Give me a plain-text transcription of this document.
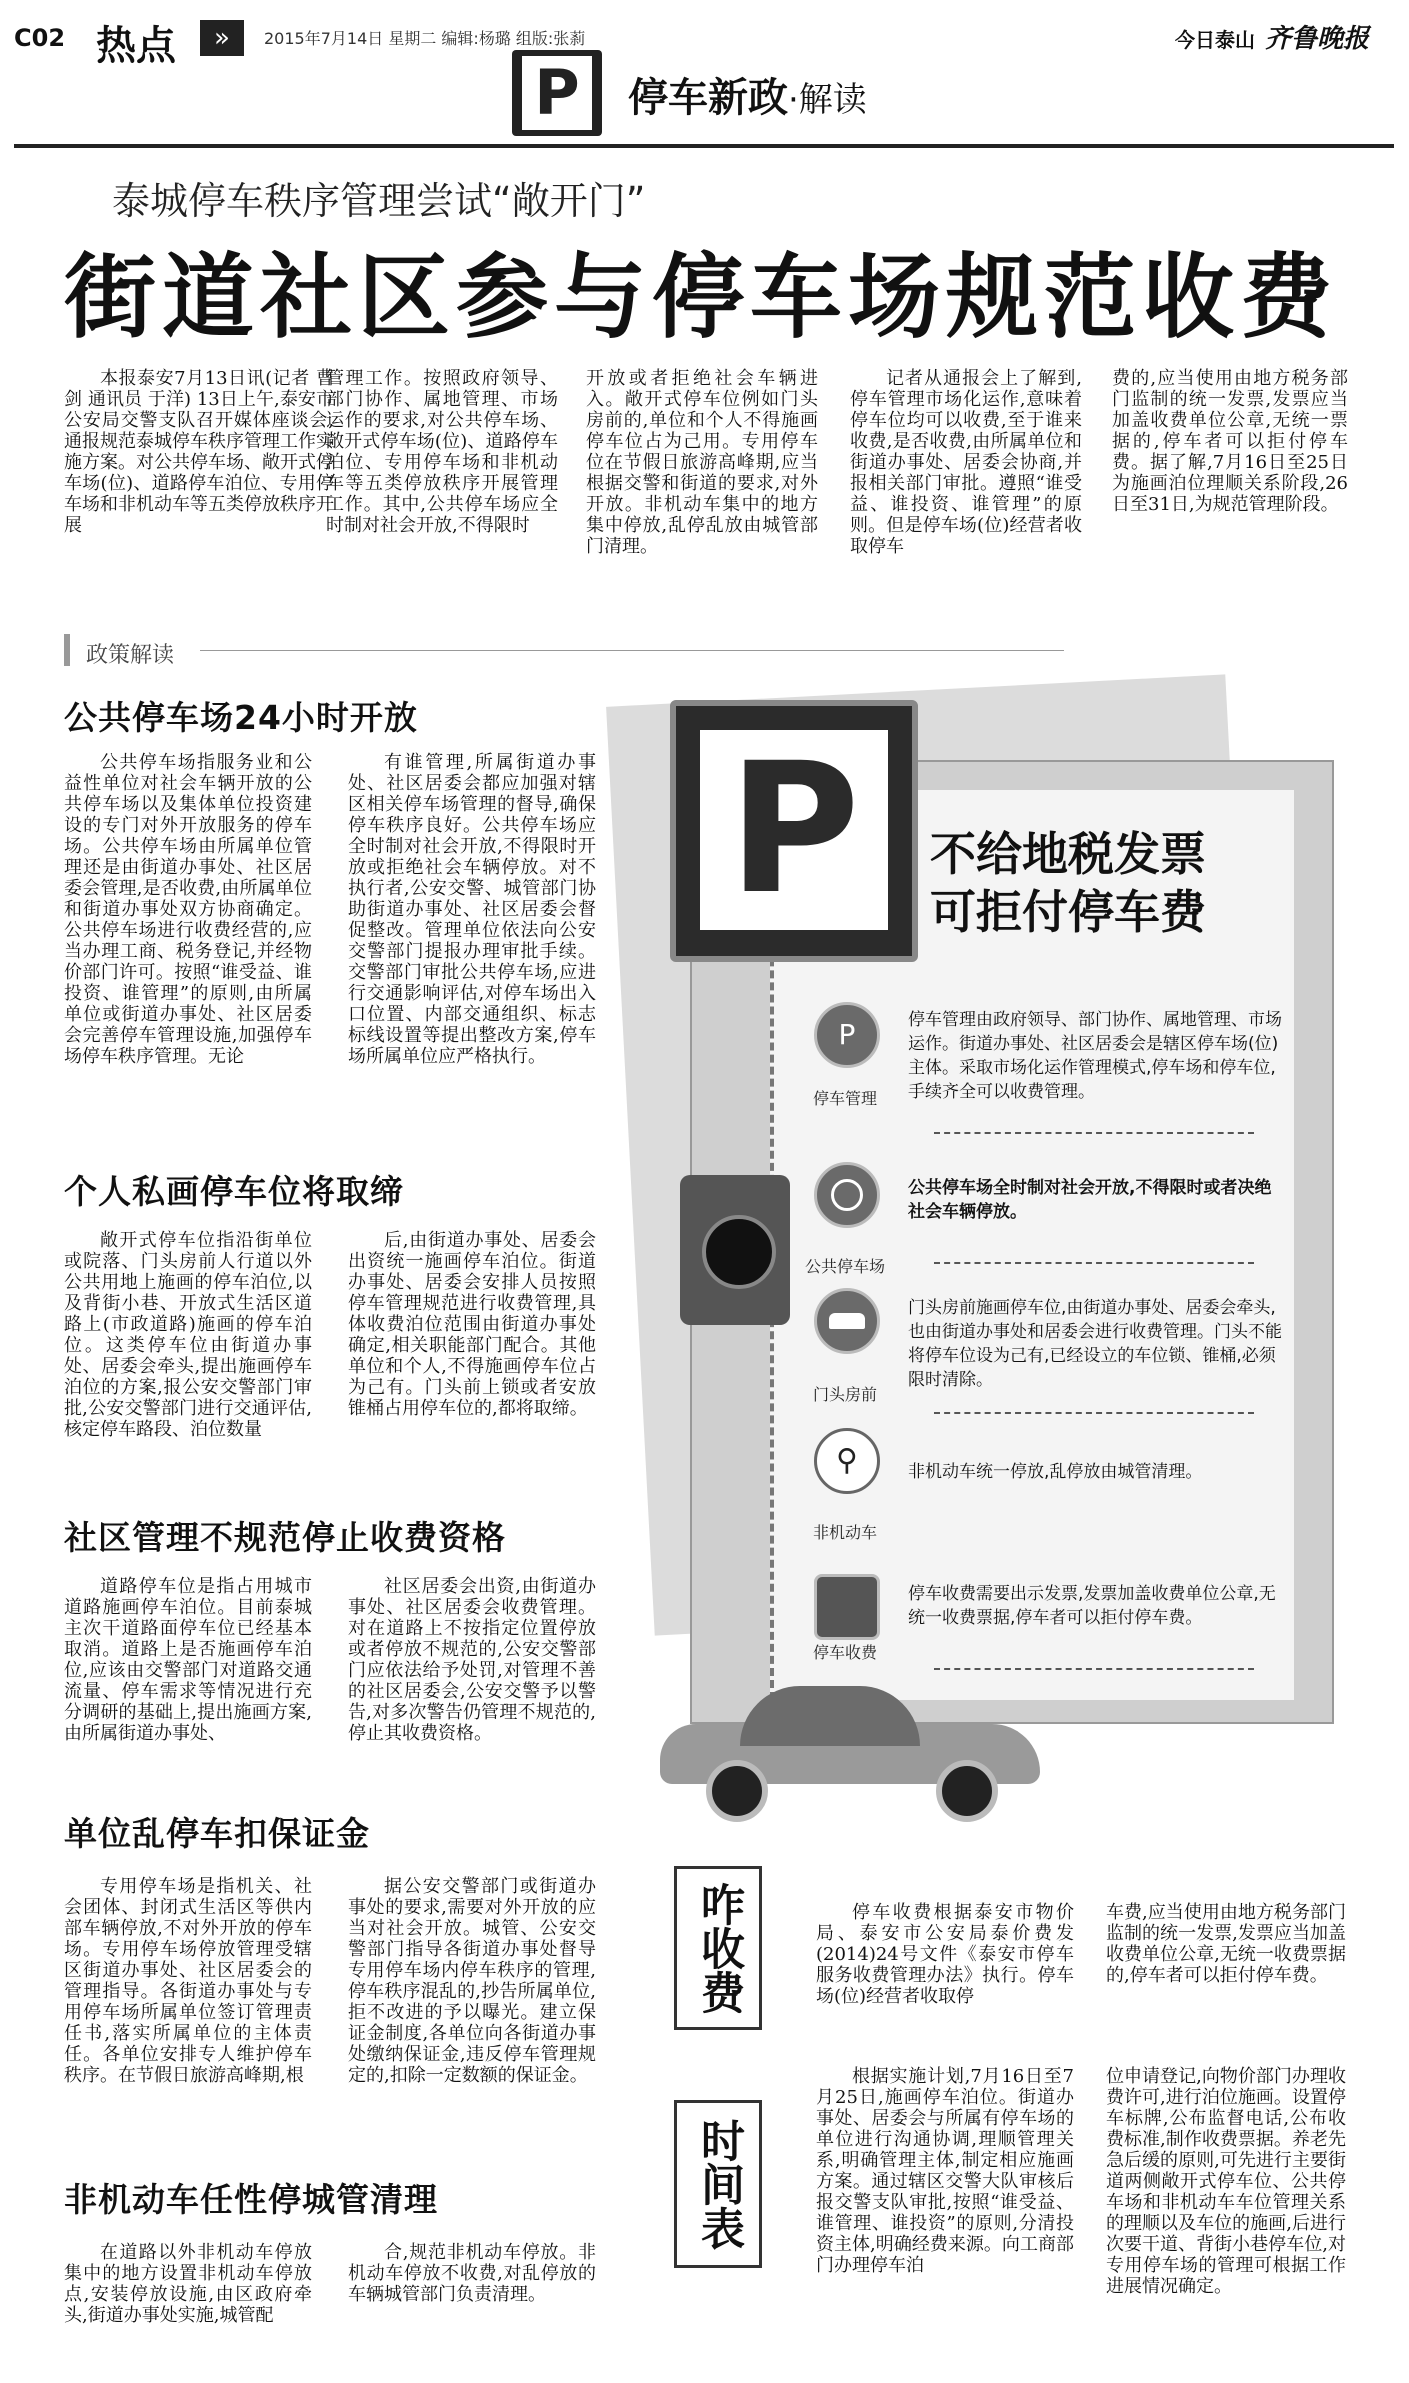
C02 热点	»	2015年7月14日 星期二 编辑:杨璐 组版:张䓭	今日泰山 齐鲁晚报
P	停车新政·解读
泰城停车秩序管理尝试“敞开门”
街道社区参与停车场规范收费

本报泰安7月13日讯(记者 曹剑 通讯员 于洋) 13日上午,泰安市公安局交警支队召开媒体座谈会,通报规范泰城停车秩序管理工作实施方案。对公共停车场、敞开式停车场(位)、道路停车泊位、专用停车场和非机动车等五类停放秩序开展

管理工作。按照政府领导、部门协作、属地管理、市场运作的要求,对公共停车场、敞开式停车场(位)、道路停车泊位、专用停车场和非机动车等五类停放秩序开展管理工作。其中,公共停车场应全时制对社会开放,不得限时

开放或者拒绝社会车辆进入。敞开式停车位例如门头房前的,单位和个人不得施画停车位占为己用。专用停车位在节假日旅游高峰期,应当根据交警和街道的要求,对外开放。非机动车集中的地方集中停放,乱停乱放由城管部门清理。

记者从通报会上了解到,停车管理市场化运作,意味着停车位均可以收费,至于谁来收费,是否收费,由所属单位和街道办事处、居委会协商,并报相关部门审批。遵照“谁受益、谁投资、谁管理”的原则。但是停车场(位)经营者收取停车

费的,应当使用由地方税务部门监制的统一发票,发票应当加盖收费单位公章,无统一票据的,停车者可以拒付停车费。据了解,7月16日至25日为施画泊位理顺关系阶段,26日至31日,为规范管理阶段。

政策解读
公共停车场24小时开放

公共停车场指服务业和公益性单位对社会车辆开放的公共停车场以及集体单位投资建设的专门对外开放服务的停车场。公共停车场由所属单位管理还是由街道办事处、社区居委会管理,是否收费,由所属单位和街道办事处双方协商确定。公共停车场进行收费经营的,应当办理工商、税务登记,并经物价部门许可。按照“谁受益、谁投资、谁管理”的原则,由所属单位或街道办事处、社区居委会完善停车管理设施,加强停车场停车秩序管理。无论

有谁管理,所属街道办事处、社区居委会都应加强对辖区相关停车场管理的督导,确保停车秩序良好。公共停车场应全时制对社会开放,不得限时开放或拒绝社会车辆停放。对不执行者,公安交警、城管部门协助街道办事处、社区居委会督促整改。管理单位依法向公安交警部门提报办理审批手续。交警部门审批公共停车场,应进行交通影响评估,对停车场出入口位置、内部交通组织、标志标线设置等提出整改方案,停车场所属单位应严格执行。

个人私画停车位将取缔

敞开式停车位指沿街单位或院落、门头房前人行道以外公共用地上施画的停车泊位,以及背街小巷、开放式生活区道路上(市政道路)施画的停车泊位。这类停车位由街道办事处、居委会牵头,提出施画停车泊位的方案,报公安交警部门审批,公安交警部门进行交通评估,核定停车路段、泊位数量

后,由街道办事处、居委会出资统一施画停车泊位。街道办事处、居委会安排人员按照停车管理规范进行收费管理,具体收费泊位范围由街道办事处确定,相关职能部门配合。其他单位和个人,不得施画停车位占为己有。门头前上锁或者安放锥桶占用停车位的,都将取缔。

社区管理不规范停止收费资格

道路停车位是指占用城市道路施画停车泊位。目前泰城主次干道路面停车位已经基本取消。道路上是否施画停车泊位,应该由交警部门对道路交通流量、停车需求等情况进行充分调研的基础上,提出施画方案,由所属街道办事处、

社区居委会出资,由街道办事处、社区居委会收费管理。对在道路上不按指定位置停放或者停放不规范的,公安交警部门应依法给予处罚,对管理不善的社区居委会,公安交警予以警告,对多次警告仍管理不规范的,停止其收费资格。

单位乱停车扣保证金

专用停车场是指机关、社会团体、封闭式生活区等供内部车辆停放,不对外开放的停车场。专用停车场停放管理受辖区街道办事处、社区居委会的管理指导。各街道办事处与专用停车场所属单位签订管理责任书,落实所属单位的主体责任。各单位安排专人维护停车秩序。在节假日旅游高峰期,根

据公安交警部门或街道办事处的要求,需要对外开放的应当对社会开放。城管、公安交警部门指导各街道办事处督导专用停车场内停车秩序的管理,停车秩序混乱的,抄告所属单位,拒不改进的予以曝光。建立保证金制度,各单位向各街道办事处缴纳保证金,违反停车管理规定的,扣除一定数额的保证金。

非机动车任性停城管清理

在道路以外非机动车停放集中的地方设置非机动车停放点,安装停放设施,由区政府牵头,街道办事处实施,城管配

合,规范非机动车停放。非机动车停放不收费,对乱停放的车辆城管部门负责清理。

P	不给地税发票
可拒付停车费
P
停车管理
停车管理由政府领导、部门协作、属地管理、市场运作。街道办事处、社区居委会是辖区停车场(位)主体。采取市场化运作管理模式,停车场和停车位,手续齐全可以收费管理。
公共停车场
公共停车场全时制对社会开放,不得限时或者决绝社会车辆停放。
门头房前
门头房前施画停车位,由街道办事处、居委会牵头,也由街道办事处和居委会进行收费管理。门头不能将停车位设为己有,已经设立的车位锁、锥桶,必须限时清除。
⚲
非机动车
非机动车统一停放,乱停放由城管清理。
停车收费
停车收费需要出示发票,发票加盖收费单位公章,无统一收费票据,停车者可以拒付停车费。
咋收费	停车收费根据泰安市物价局、泰安市公安局泰价费发(2014)24号文件《泰安市停车服务收费管理办法》执行。停车场(位)经营者收取停

车费,应当使用由地方税务部门监制的统一发票,发票应当加盖收费单位公章,无统一收费票据的,停车者可以拒付停车费。

时间表

根据实施计划,7月16日至7月25日,施画停车泊位。街道办事处、居委会与所属有停车场的单位进行沟通协调,理顺管理关系,明确管理主体,制定相应施画方案。通过辖区交警大队审核后报交警支队审批,按照“谁受益、谁管理、谁投资”的原则,分清投资主体,明确经费来源。向工商部门办理停车泊

位申请登记,向物价部门办理收费许可,进行泊位施画。设置停车标牌,公布监督电话,公布收费标准,制作收费票据。养老先急后缓的原则,可先进行主要街道两侧敞开式停车位、公共停车场和非机动车车位管理关系的理顺以及车位的施画,后进行次要干道、背街小巷停车位,对专用停车场的管理可根据工作进展情况确定。
